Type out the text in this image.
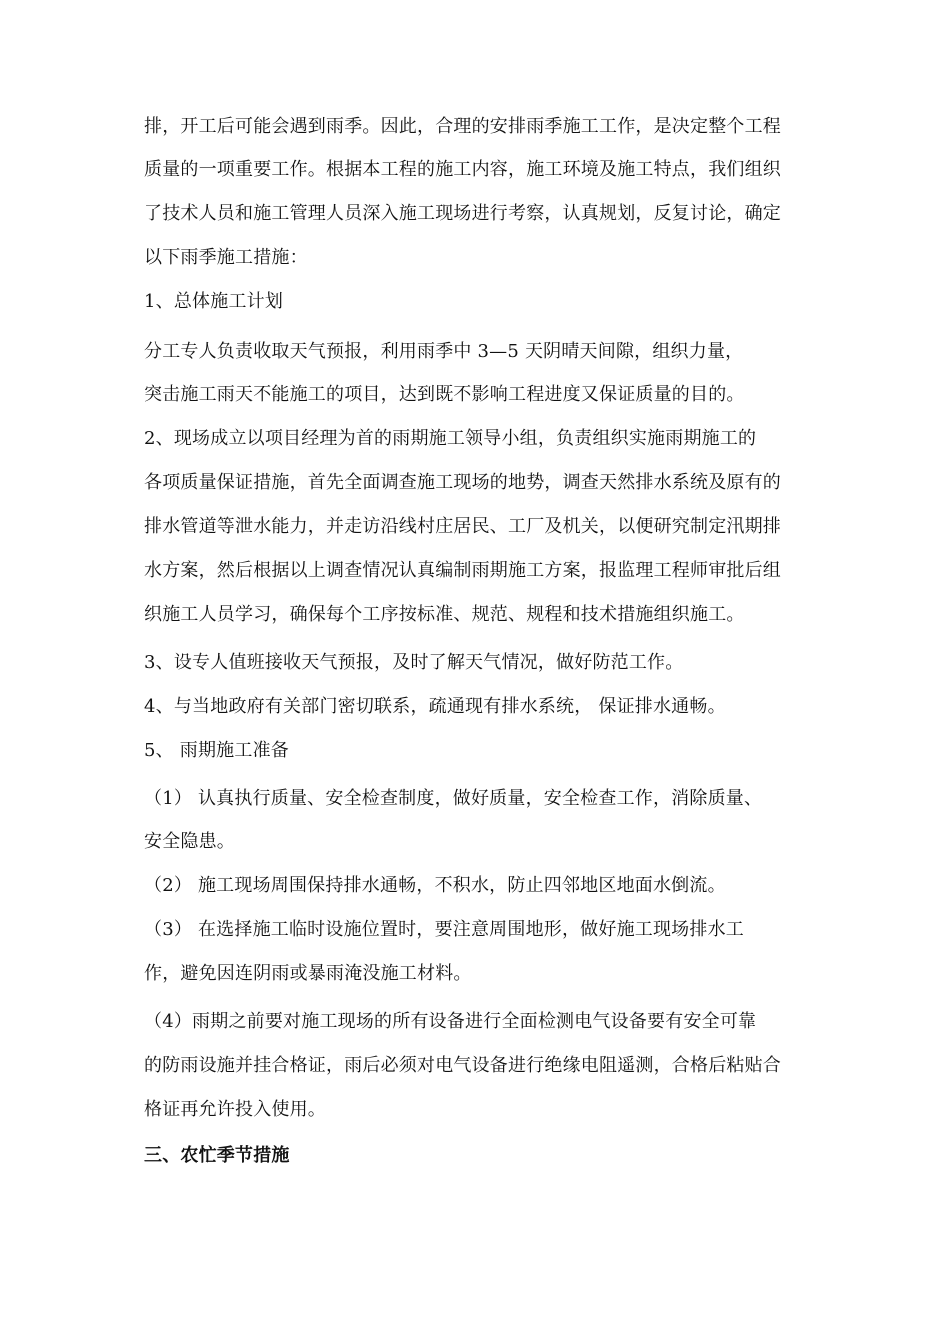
排，开工后可能会遇到雨季。因此，合理的安排雨季施工工作，是决定整个工程
质量的一项重要工作。根据本工程的施工内容，施工环境及施工特点，我们组织
了技术人员和施工管理人员深入施工现场进行考察，认真规划，反复讨论，确定
以下雨季施工措施：
1、总体施工计划
分工专人负责收取天气预报，利用雨季中 3—5 天阴晴天间隙，组织力量，
突击施工雨天不能施工的项目，达到既不影响工程进度又保证质量的目的。
2、现场成立以项目经理为首的雨期施工领导小组，负责组织实施雨期施工的
各项质量保证措施，首先全面调查施工现场的地势，调查天然排水系统及原有的
排水管道等泄水能力，并走访沿线村庄居民、工厂及机关，以便研究制定汛期排
水方案，然后根据以上调查情况认真编制雨期施工方案，报监理工程师审批后组
织施工人员学习，确保每个工序按标准、规范、规程和技术措施组织施工。
3、设专人值班接收天气预报，及时了解天气情况，做好防范工作。
4、与当地政府有关部门密切联系，疏通现有排水系统， 保证排水通畅。
5、 雨期施工准备
（1） 认真执行质量、安全检查制度，做好质量，安全检查工作，消除质量、
安全隐患。
（2） 施工现场周围保持排水通畅，不积水，防止四邻地区地面水倒流。
（3） 在选择施工临时设施位置时，要注意周围地形，做好施工现场排水工
作，避免因连阴雨或暴雨淹没施工材料。
（4）雨期之前要对施工现场的所有设备进行全面检测电气设备要有安全可靠
的防雨设施并挂合格证，雨后必须对电气设备进行绝缘电阻遥测，合格后粘贴合
格证再允许投入使用。
三、农忙季节措施
